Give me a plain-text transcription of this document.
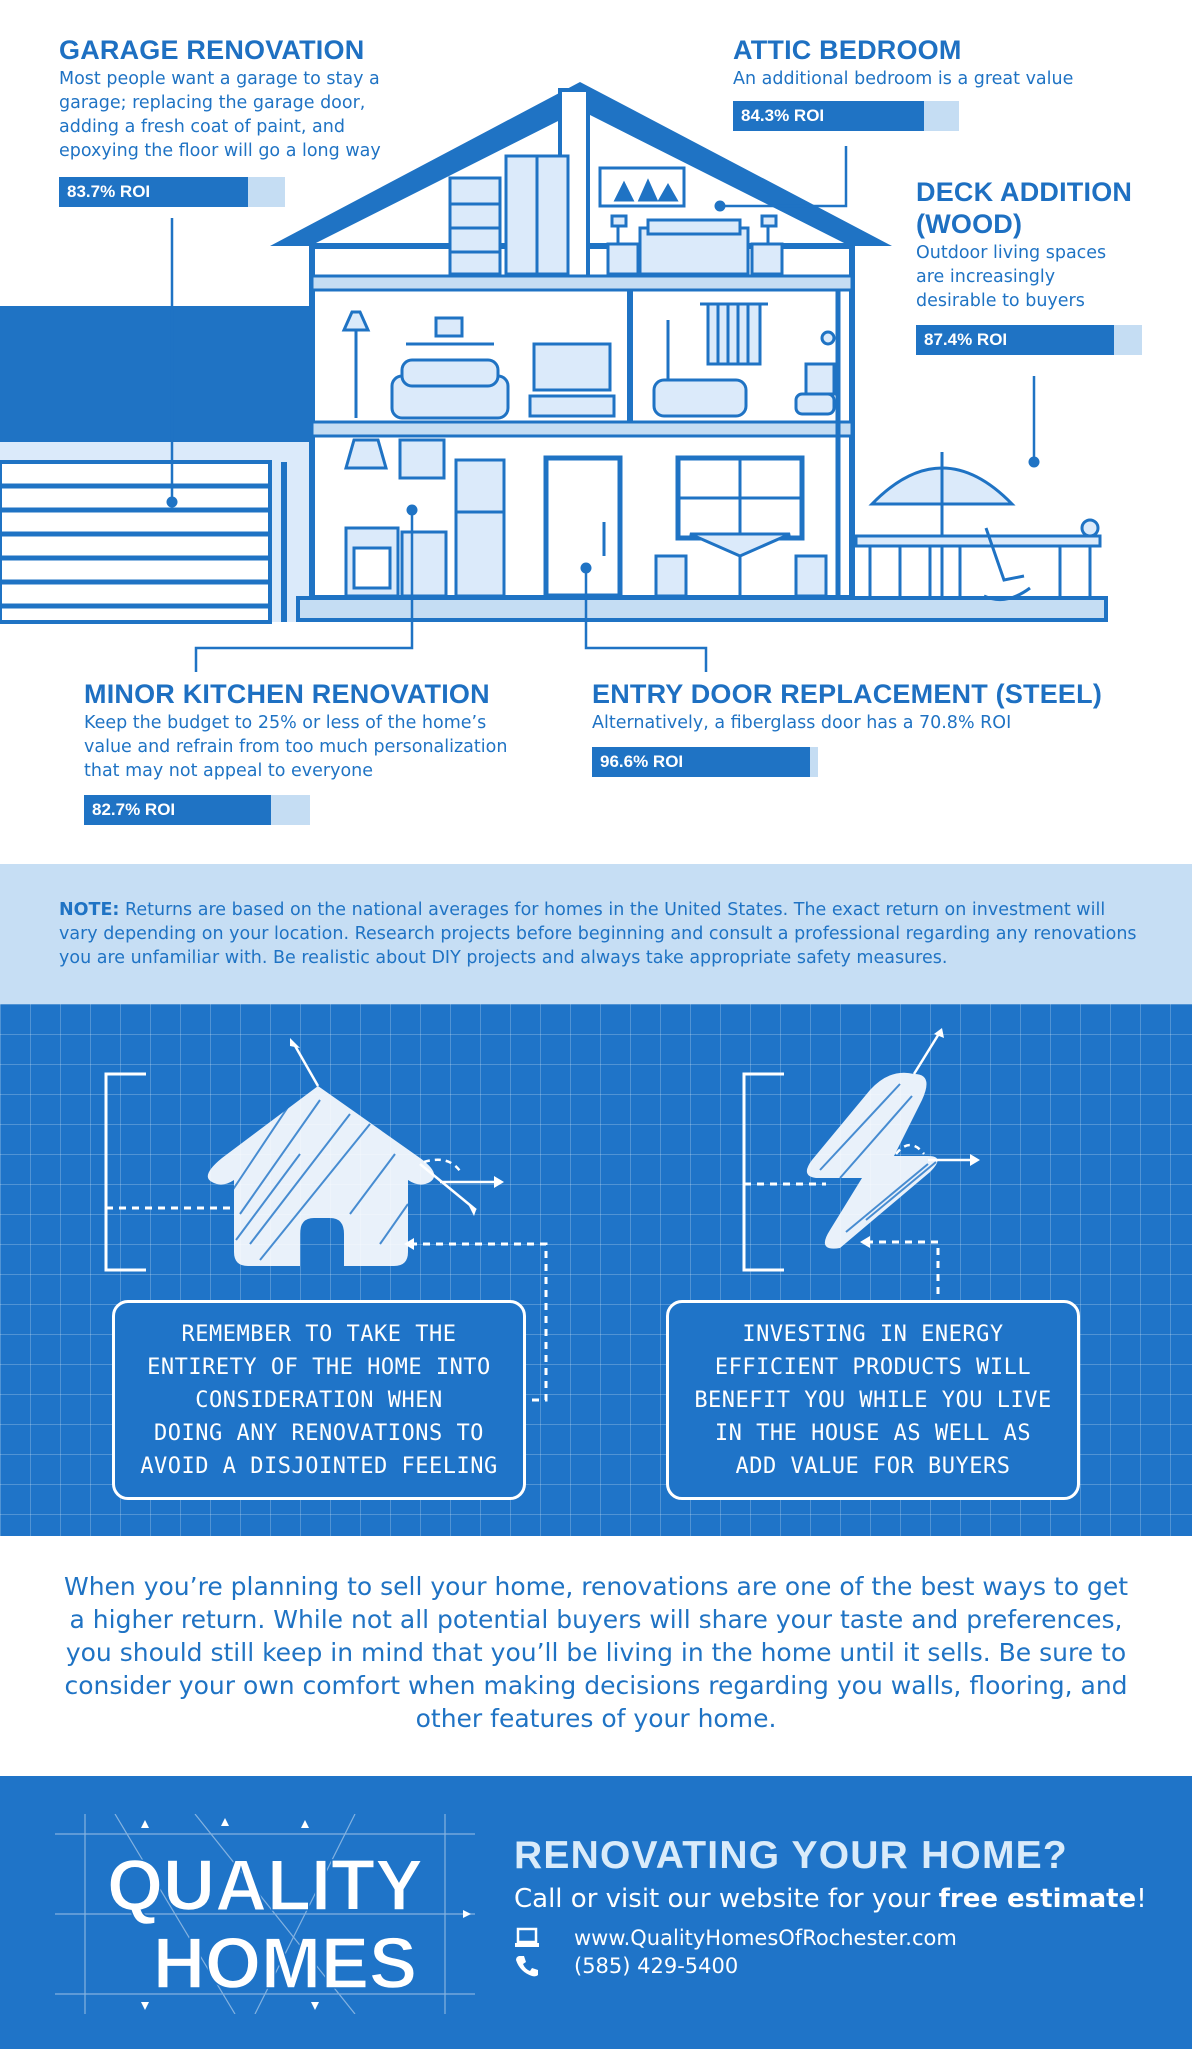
GARAGE RENOVATION

Most people want a garage to stay a
garage; replacing the garage door,
adding a fresh coat of paint, and
epoxying the floor will go a long way

83.7% ROI
ATTIC BEDROOM

An additional bedroom is a great value

84.3% ROI
DECK ADDITION
(WOOD)

Outdoor living spaces
are increasingly
desirable to buyers

87.4% ROI
MINOR KITCHEN RENOVATION

Keep the budget to 25% or less of the home’s
value and refrain from too much personalization
that may not appeal to everyone

82.7% ROI
ENTRY DOOR REPLACEMENT (STEEL)

Alternatively, a fiberglass door has a 70.8% ROI

96.6% ROI

NOTE: Returns are based on the national averages for homes in the United States. The exact return on investment will vary depending on your location. Research projects before beginning and consult a professional regarding any renovations you are unfamiliar with. Be realistic about DIY projects and always take appropriate safety measures.

REMEMBER TO TAKE THE
ENTIRETY OF THE HOME INTO
CONSIDERATION WHEN
DOING ANY RENOVATIONS TO
AVOID A DISJOINTED FEELING
INVESTING IN ENERGY
EFFICIENT PRODUCTS WILL
BENEFIT YOU WHILE YOU LIVE
IN THE HOUSE AS WELL AS
ADD VALUE FOR BUYERS

When you’re planning to sell your home, renovations are one of the best ways to get a higher return. While not all potential buyers will share your taste and preferences, you should still keep in mind that you’ll be living in the home until it sells. Be sure to consider your own comfort when making decisions regarding you walls, flooring, and other features of your home.

QUALITY
HOMES
RENOVATING YOUR HOME?
Call or visit our website for your free estimate!
www.QualityHomesOfRochester.com
(585) 429-5400
